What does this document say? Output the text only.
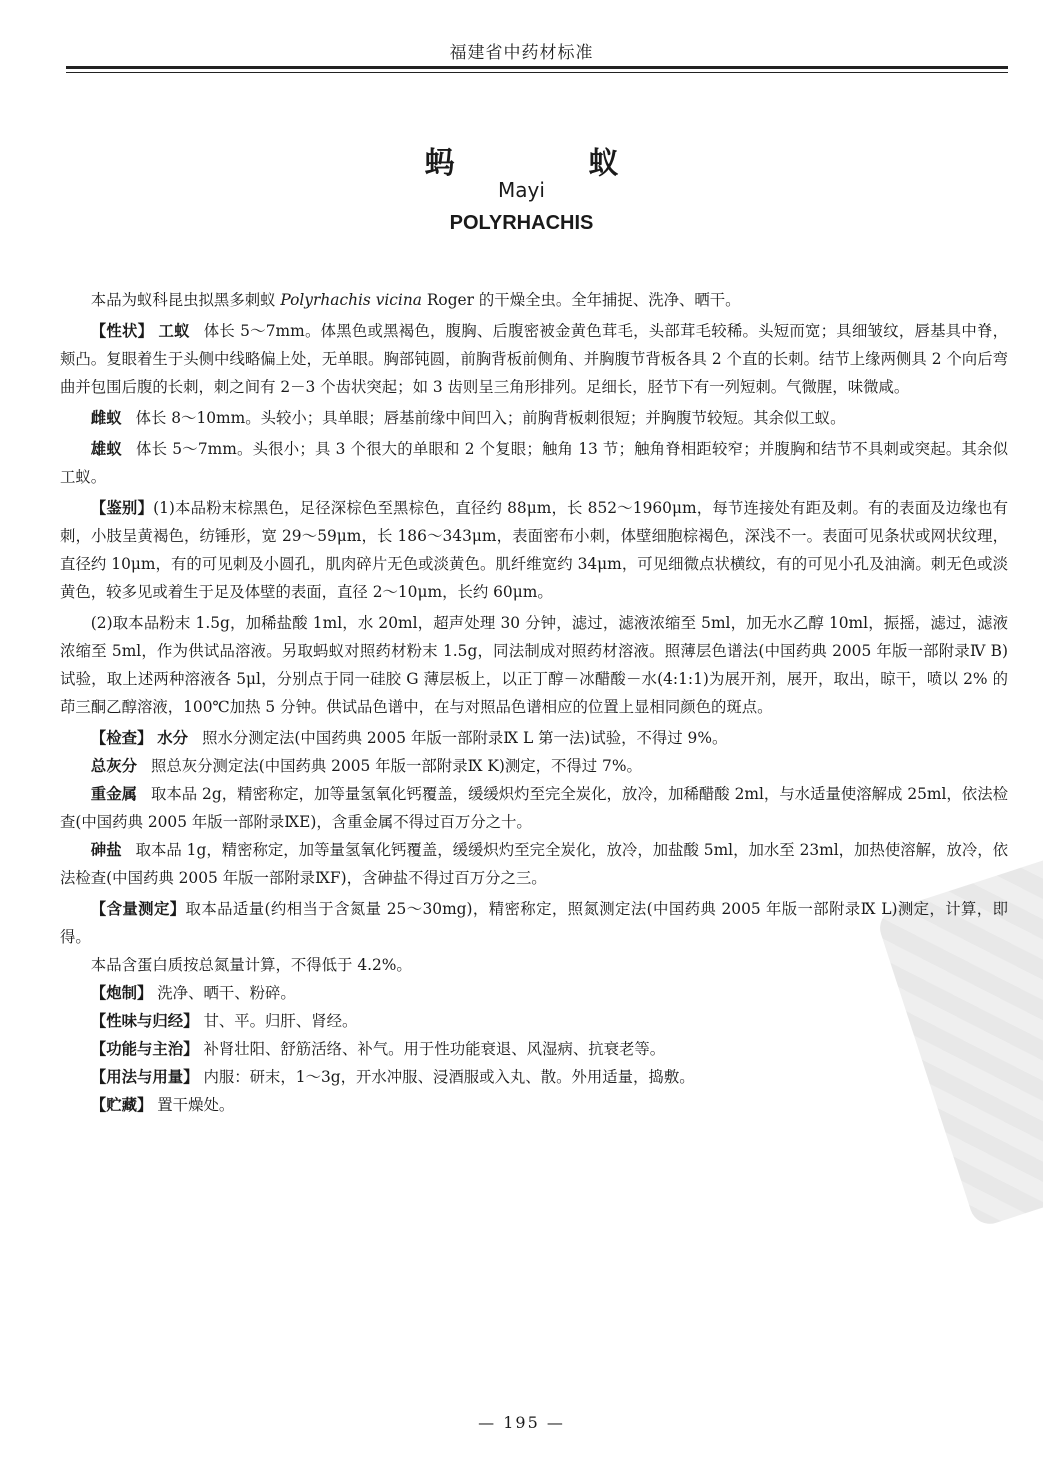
福建省中药材标准
蚂　蚁
Mayi
POLYRHACHIS

本品为蚁科昆虫拟黑多刺蚁 Polyrhachis vicina Roger 的干燥全虫。全年捕捉、洗净、晒干。

【性状】 工蚁 体长 5～7mm。体黑色或黑褐色，腹胸、后腹密被金黄色茸毛，头部茸毛较稀。头短而宽；具细皱纹，唇基具中脊，颊凸。复眼着生于头侧中线略偏上处，无单眼。胸部钝圆，前胸背板前侧角、并胸腹节背板各具 2 个直的长刺。结节上缘两侧具 2 个向后弯曲并包围后腹的长刺，刺之间有 2－3 个齿状突起；如 3 齿则呈三角形排列。足细长，胫节下有一列短刺。气微腥，味微咸。

雌蚁 体长 8～10mm。头较小；具单眼；唇基前缘中间凹入；前胸背板刺很短；并胸腹节较短。其余似工蚁。

雄蚁 体长 5～7mm。头很小；具 3 个很大的单眼和 2 个复眼；触角 13 节；触角脊相距较窄；并腹胸和结节不具刺或突起。其余似工蚁。

【鉴别】(1)本品粉末棕黑色，足径深棕色至黑棕色，直径约 88μm，长 852～1960μm，每节连接处有距及刺。有的表面及边缘也有刺，小肢呈黄褐色，纺锤形，宽 29～59μm，长 186～343μm，表面密布小刺，体壁细胞棕褐色，深浅不一。表面可见条状或网状纹理，直径约 10μm，有的可见刺及小圆孔，肌肉碎片无色或淡黄色。肌纤维宽约 34μm，可见细微点状横纹，有的可见小孔及油滴。刺无色或淡黄色，较多见或着生于足及体壁的表面，直径 2～10μm，长约 60μm。

(2)取本品粉末 1.5g，加稀盐酸 1ml，水 20ml，超声处理 30 分钟，滤过，滤液浓缩至 5ml，加无水乙醇 10ml，振摇，滤过，滤液浓缩至 5ml，作为供试品溶液。另取蚂蚁对照药材粉末 1.5g，同法制成对照药材溶液。照薄层色谱法(中国药典 2005 年版一部附录Ⅳ B)试验，取上述两种溶液各 5μl，分别点于同一硅胶 G 薄层板上，以正丁醇－冰醋酸－水(4:1:1)为展开剂，展开，取出，晾干，喷以 2% 的茚三酮乙醇溶液，100℃加热 5 分钟。供试品色谱中，在与对照品色谱相应的位置上显相同颜色的斑点。

【检查】 水分 照水分测定法(中国药典 2005 年版一部附录Ⅸ L 第一法)试验，不得过 9%。

总灰分 照总灰分测定法(中国药典 2005 年版一部附录Ⅸ K)测定，不得过 7%。

重金属 取本品 2g，精密称定，加等量氢氧化钙覆盖，缓缓炽灼至完全炭化，放冷，加稀醋酸 2ml，与水适量使溶解成 25ml，依法检查(中国药典 2005 年版一部附录ⅨE)，含重金属不得过百万分之十。

砷盐 取本品 1g，精密称定，加等量氢氧化钙覆盖，缓缓炽灼至完全炭化，放冷，加盐酸 5ml，加水至 23ml，加热使溶解，放冷，依法检查(中国药典 2005 年版一部附录ⅨF)，含砷盐不得过百万分之三。

【含量测定】取本品适量(约相当于含氮量 25～30mg)，精密称定，照氮测定法(中国药典 2005 年版一部附录Ⅸ L)测定，计算，即得。

本品含蛋白质按总氮量计算，不得低于 4.2%。

【炮制】 洗净、晒干、粉碎。

【性味与归经】 甘、平。归肝、肾经。

【功能与主治】 补肾壮阳、舒筋活络、补气。用于性功能衰退、风湿病、抗衰老等。

【用法与用量】 内服：研末，1～3g，开水冲服、浸酒服或入丸、散。外用适量，捣敷。

【贮藏】 置干燥处。

— 195 —
